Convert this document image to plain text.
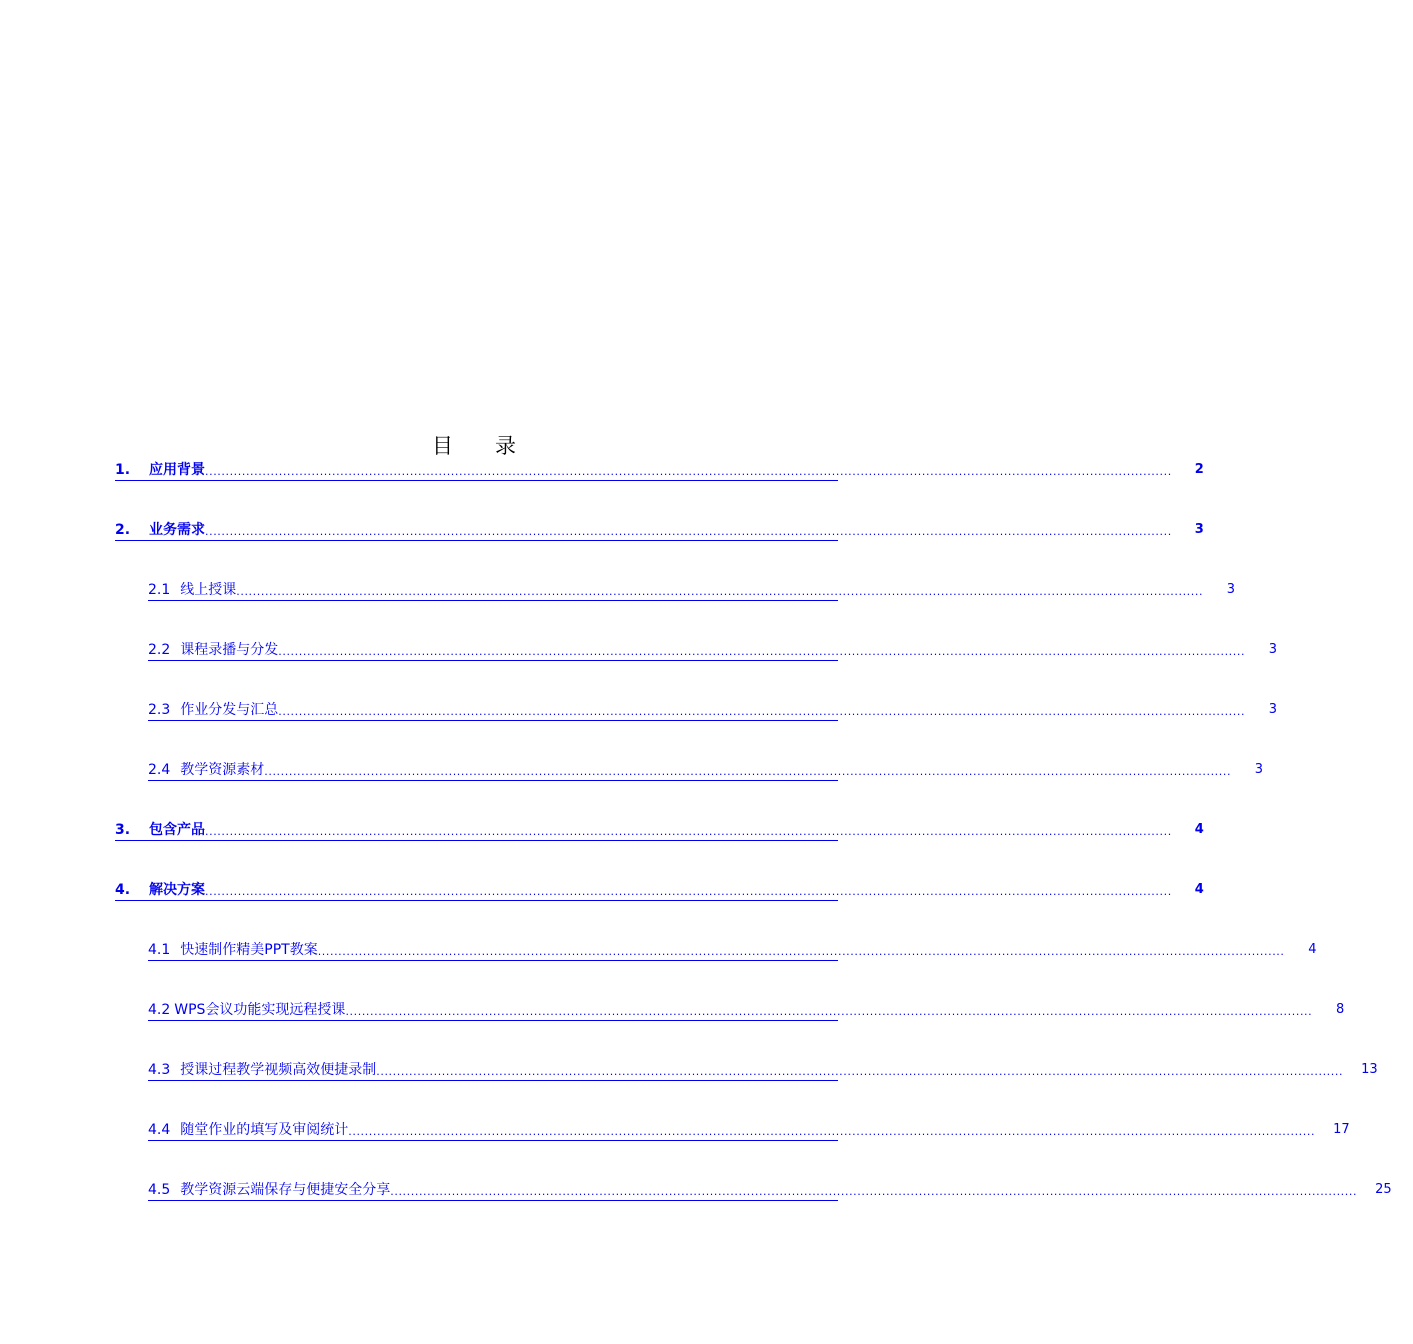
目 录
1.	应用背景 ............................................................................................................................................................................................................................................	2
2.	业务需求 ............................................................................................................................................................................................................................................	3
2.1 线上授课 ............................................................................................................................................................................................................................................	3
2.2 课程录播与分发 ............................................................................................................................................................................................................................................	3
2.3 作业分发与汇总 ............................................................................................................................................................................................................................................	3
2.4 教学资源素材 ............................................................................................................................................................................................................................................	3
3.	包含产品 ............................................................................................................................................................................................................................................	4
4.	解决方案 ............................................................................................................................................................................................................................................	4
4.1 快速制作精美PPT教案 ............................................................................................................................................................................................................................................	4
4.2 WPS会议功能实现远程授课 ............................................................................................................................................................................................................................................	8
4.3 授课过程教学视频高效便捷录制 ............................................................................................................................................................................................................................................ 13
4.4 随堂作业的填写及审阅统计 ............................................................................................................................................................................................................................................ 17
4.5 教学资源云端保存与便捷安全分享 ............................................................................................................................................................................................................................................ 25
